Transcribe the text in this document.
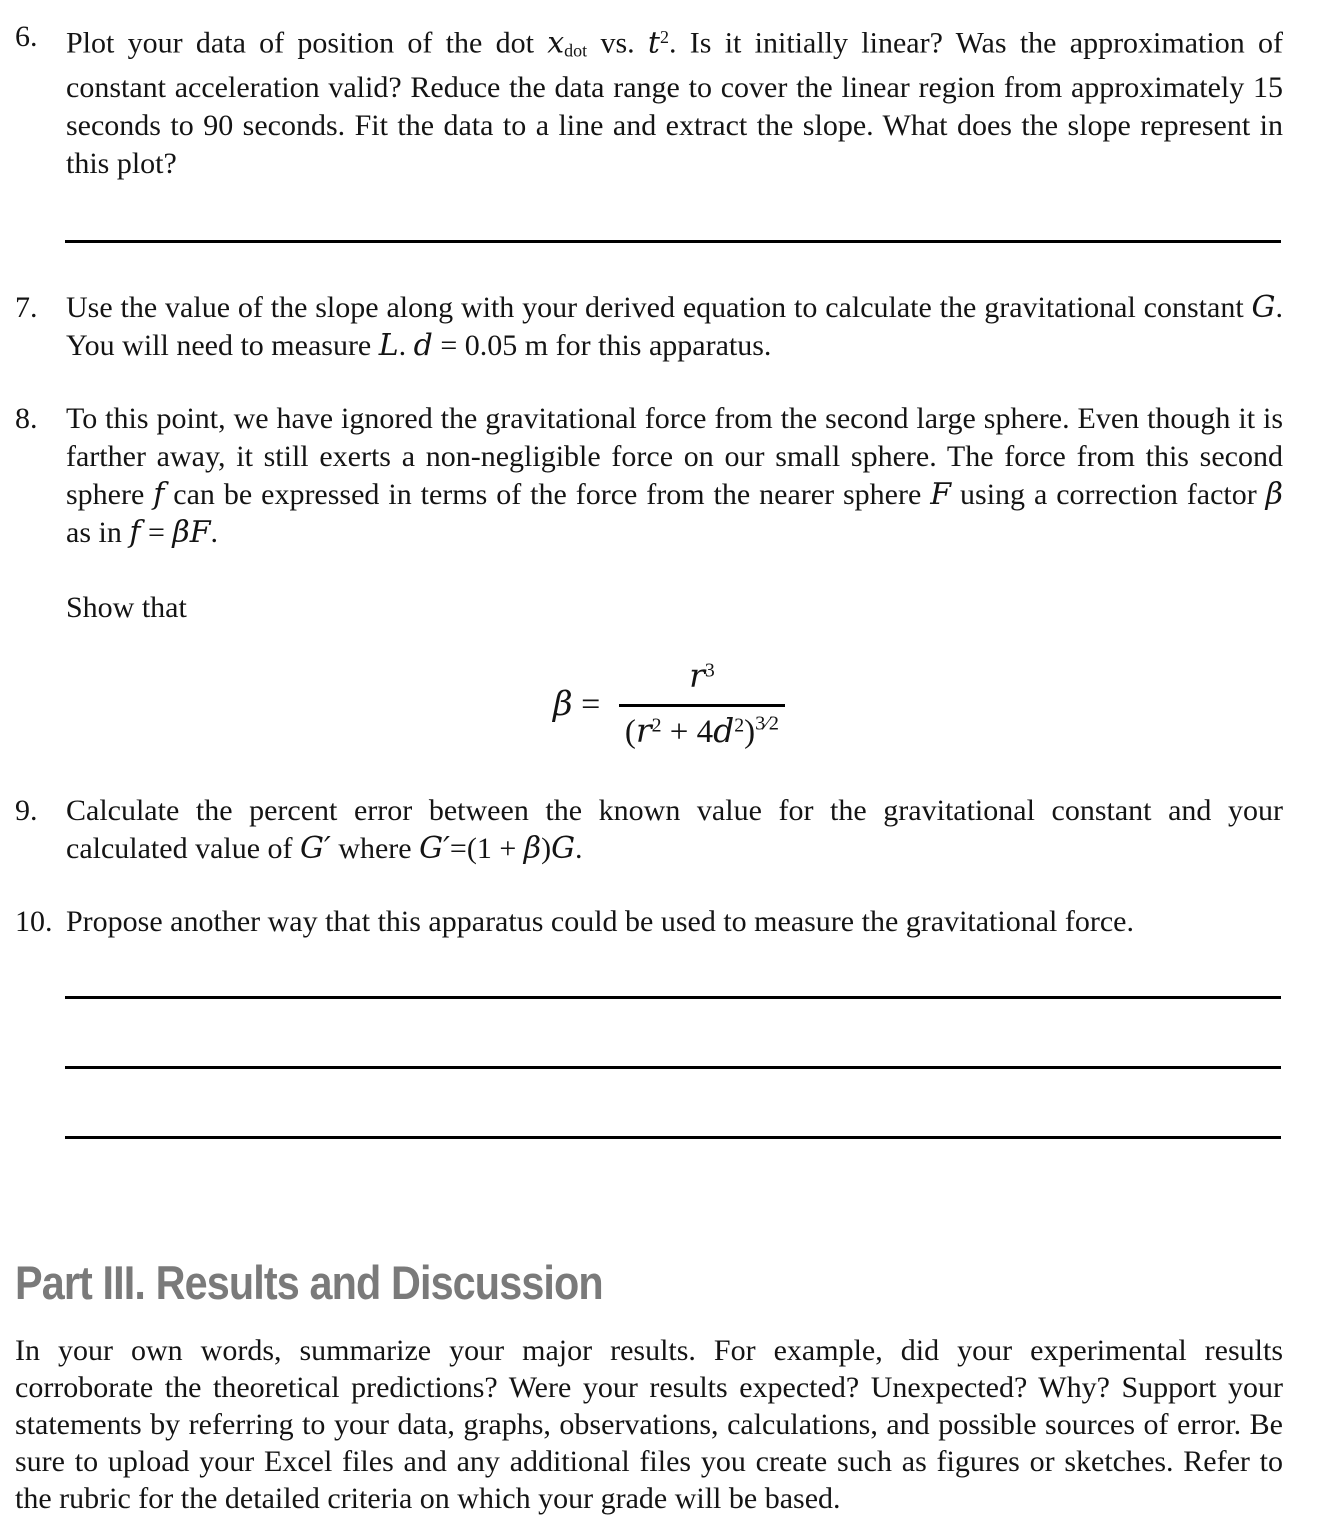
6. Plot your data of position of the dot xdot vs. $t^2$. Is it initially linear? Was the approximation of constant acceleration valid? Reduce the data range to cover the linear region from approximately 15 seconds to 90 seconds. Fit the data to a line and extract the slope. What does the slope represent in this plot?
7. Use the value of the slope along with your derived equation to calculate the gravitational constant G. You will need to measure L. d = 0.05 m for this apparatus.
8. To this point, we have ignored the gravitational force from the second large sphere. Even though it is farther away, it still exerts a non-negligible force on our small sphere. The force from this second sphere f can be expressed in terms of the force from the nearer sphere F using a correction factor β as in f = βF.
Show that
$\beta = \frac{r^3}{(r^2 + 4d^2)^{3⁄2}}$
9. Calculate the percent error between the known value for the gravitational constant and your calculated value of G′ where G′=(1 + β)G.
10. Propose another way that this apparatus could be used to measure the gravitational force.
Part III. Results and Discussion

In your own words, summarize your major results. For example, did your experimental results corroborate the theoretical predictions? Were your results expected? Unexpected? Why? Support your statements by referring to your data, graphs, observations, calculations, and possible sources of error. Be sure to upload your Excel files and any additional files you create such as figures or sketches. Refer to the rubric for the detailed criteria on which your grade will be based.
